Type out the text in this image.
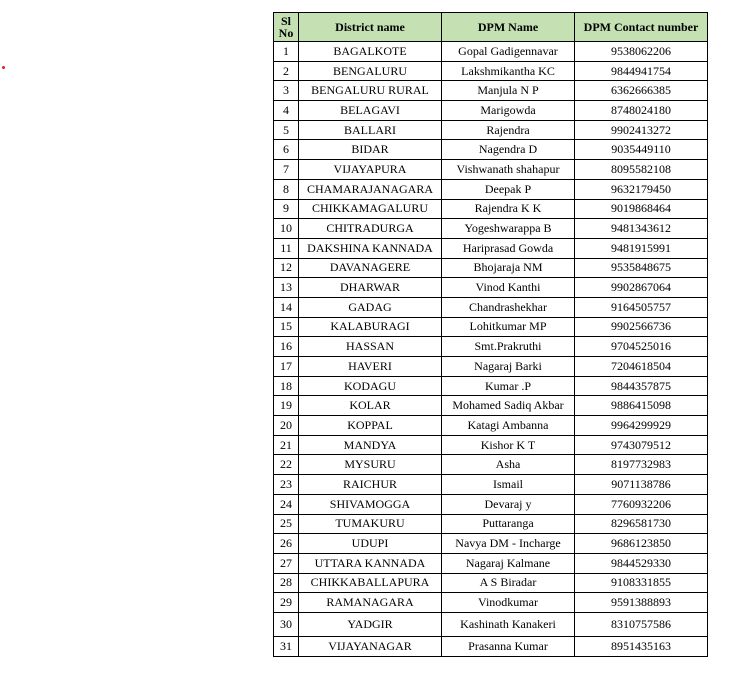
Sl No	District name	DPM Name	DPM Contact number
1	BAGALKOTE	Gopal Gadigennavar	9538062206
2	BENGALURU	Lakshmikantha KC	9844941754
3	BENGALURU RURAL	Manjula N P	6362666385
4	BELAGAVI	Marigowda	8748024180
5	BALLARI	Rajendra	9902413272
6	BIDAR	Nagendra D	9035449110
7	VIJAYAPURA	Vishwanath shahapur	8095582108
8	CHAMARAJANAGARA	Deepak P	9632179450
9	CHIKKAMAGALURU	Rajendra K K	9019868464
10	CHITRADURGA	Yogeshwarappa B	9481343612
11	DAKSHINA KANNADA	Hariprasad Gowda	9481915991
12	DAVANAGERE	Bhojaraja NM	9535848675
13	DHARWAR	Vinod Kanthi	9902867064
14	GADAG	Chandrashekhar	9164505757
15	KALABURAGI	Lohitkumar MP	9902566736
16	HASSAN	Smt.Prakruthi	9704525016
17	HAVERI	Nagaraj Barki	7204618504
18	KODAGU	Kumar .P	9844357875
19	KOLAR	Mohamed Sadiq Akbar	9886415098
20	KOPPAL	Katagi Ambanna	9964299929
21	MANDYA	Kishor K T	9743079512
22	MYSURU	Asha	8197732983
23	RAICHUR	Ismail	9071138786
24	SHIVAMOGGA	Devaraj y	7760932206
25	TUMAKURU	Puttaranga	8296581730
26	UDUPI	Navya DM - Incharge	9686123850
27	UTTARA KANNADA	Nagaraj Kalmane	9844529330
28	CHIKKABALLAPURA	A S Biradar	9108331855
29	RAMANAGARA	Vinodkumar	9591388893
30	YADGIR	Kashinath Kanakeri	8310757586
31	VIJAYANAGAR	Prasanna Kumar	8951435163
